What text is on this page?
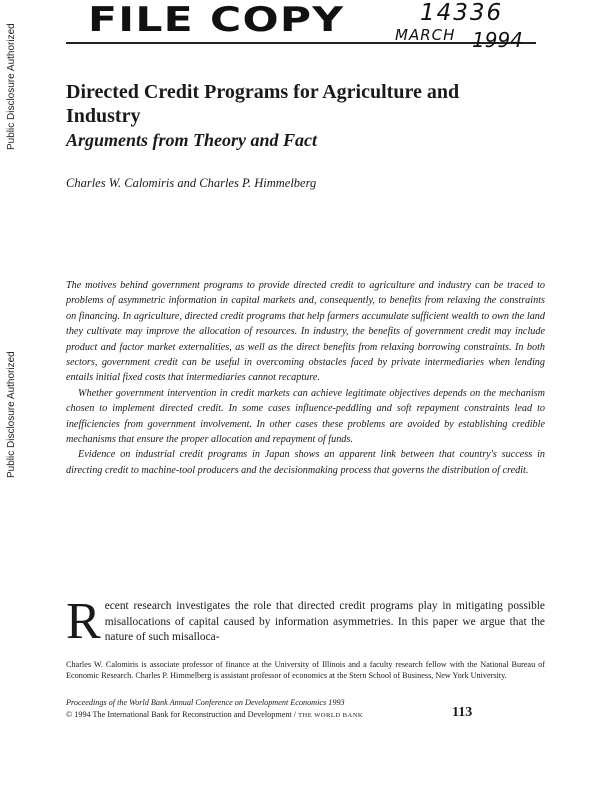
FILE COPY	14336
MARCH 1994
Public Disclosure Authorized
Public Disclosure Authorized
Directed Credit Programs for Agriculture and Industry
Arguments from Theory and Fact
Charles W. Calomiris and Charles P. Himmelberg

The motives behind government programs to provide directed credit to agriculture and industry can be traced to problems of asymmetric information in capital markets and, consequently, to benefits from relaxing the constraints on financing. In agriculture, directed credit programs that help farmers accumulate sufficient wealth to own the land they cultivate may improve the allocation of resources. In industry, the benefits of government credit may include product and factor market externalities, as well as the direct benefits from relaxing borrowing constraints. In both sectors, government credit can be useful in overcoming obstacles faced by private intermediaries when lending entails initial fixed costs that intermediaries cannot recapture.

Whether government intervention in credit markets can achieve legitimate objectives depends on the mechanism chosen to implement directed credit. In some cases influence-peddling and soft repayment constraints lead to inefficiencies from government involvement. In other cases these problems are avoided by establishing credible mechanisms that ensure the proper allocation and repayment of funds.

Evidence on industrial credit programs in Japan shows an apparent link between that country's success in directing credit to machine-tool producers and the decisionmaking process that governs the distribution of credit.

Recent research investigates the role that directed credit programs play in mitigating possible misallocations of capital caused by information asymmetries. In this paper we argue that the nature of such misalloca-

Charles W. Calomiris is associate professor of finance at the University of Illinois and a faculty research fellow with the National Bureau of Economic Research. Charles P. Himmelberg is assistant professor of economics at the Stern School of Business, New York University.

Proceedings of the World Bank Annual Conference on Development Economics 1993
© 1994 The International Bank for Reconstruction and Development / THE WORLD BANK	113
